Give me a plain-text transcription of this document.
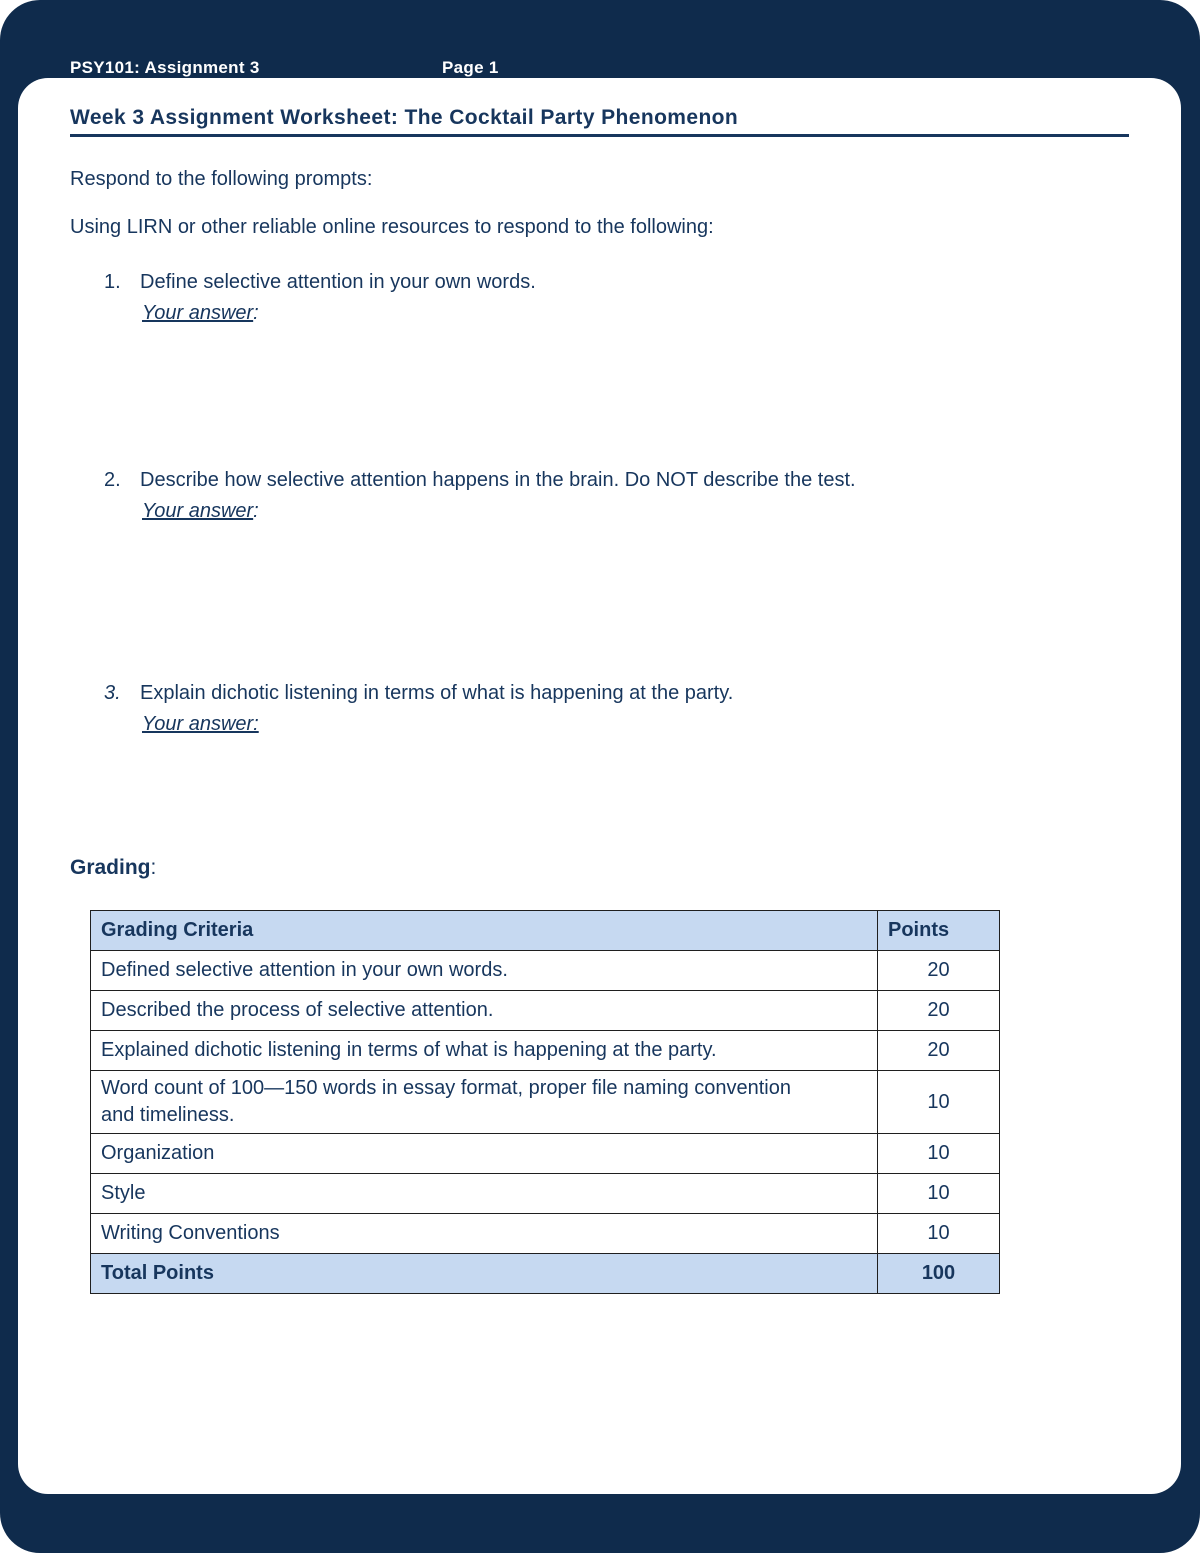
PSY101: Assignment 3	Page 1
Week 3 Assignment Worksheet: The Cocktail Party Phenomenon
Respond to the following prompts:
Using LIRN or other reliable online resources to respond to the following:
1. Define selective attention in your own words.
Your answer:
2. Describe how selective attention happens in the brain. Do NOT describe the test.
Your answer:
3. Explain dichotic listening in terms of what is happening at the party.
Your answer:
Grading:
Grading Criteria	Points
Defined selective attention in your own words.	20
Described the process of selective attention.	20
Explained dichotic listening in terms of what is happening at the party.	20
Word count of 100—150 words in essay format, proper file naming convention and timeliness.	10
Organization	10
Style	10
Writing Conventions	10
Total Points	100
